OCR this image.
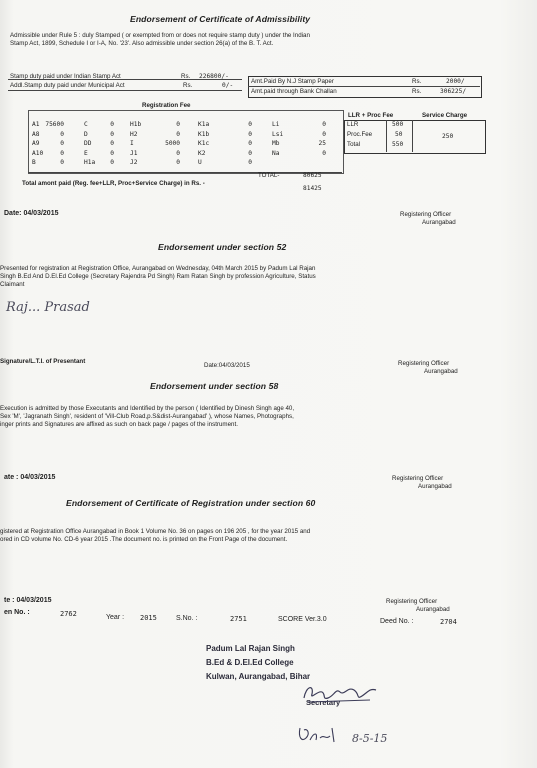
Endorsement of Certificate of Admissibility
Admissible under Rule 5 : duly Stamped ( or exempted from or does not require stamp duty ) under the Indian
Stamp Act, 1899, Schedule I or I-A, No. '23'. Also admissible under section 26(a) of the B. T. Act.
Stamp duty paid under Indian Stamp Act	Rs. 226800/-
Addl.Stamp duty paid under Municipal Act	Rs.	0/-
Amt.Paid By N.J Stamp Paper	Rs.	2000/
Amt.paid through Bank Challan	Rs.	306225/
Registration Fee
A1 75600	C	0	H1b	0	K1a	0	Li	0
A8	0	D	0	H2	0	K1b	0	Lsi	0
A9	0	DD	0	I	5000	K1c	0	Mb	25
A10	0	E	0	J1	0	K2	0	Na	0
B	0	H1a 0	J2	0	U	0
TOTAL-	80625
Total amont paid (Reg. fee+LLR, Proc+Service Charge) in Rs. -
81425
LLR + Proc Fee	Service Charge
LLR	500
Proc.Fee	50
Total	550
250
Date: 04/03/2015	Registering Officer
Aurangabad
Endorsement under section 52
Presented for registration at Registration Office, Aurangabad on Wednesday, 04th March 2015 by Padum Lal Rajan
Singh B.Ed And D.El.Ed College (Secretary Rajendra Pd Singh) Ram Ratan Singh by profession Agriculture, Status
Claimant
Raj... Prasad
Signature/L.T.I. of Presentant
Date:04/03/2015	Registering Officer
Aurangabad
Endorsement under section 58
Execution is admitted by those Executants and Identified by the person ( Identified by Dinesh Singh age 40,
Sex 'M', 'Jagranath Singh', resident of 'Vill-Club Road,p.S&dist-Aurangabad' ), whose Names, Photographs,
inger prints and Signatures are affixed as such on back page / pages of the instrument.
ate : 04/03/2015	Registering Officer
Aurangabad
Endorsement of Certificate of Registration under section 60
gistered at Registration Office Aurangabad in Book 1 Volume No. 36 on pages on 196 205 , for the year 2015 and
ored in CD volume No. CD-6 year 2015 .The document no. is printed on the Front Page of the document.
te : 04/03/2015	Registering Officer
Aurangabad
en No. :	2762	Year : 2015	S.No. :	2751	SCORE Ver.3.0	Deed No. :	2704
Padum Lal Rajan Singh
B.Ed & D.El.Ed College
Kulwan, Aurangabad, Bihar
Secretary
8-5-15
